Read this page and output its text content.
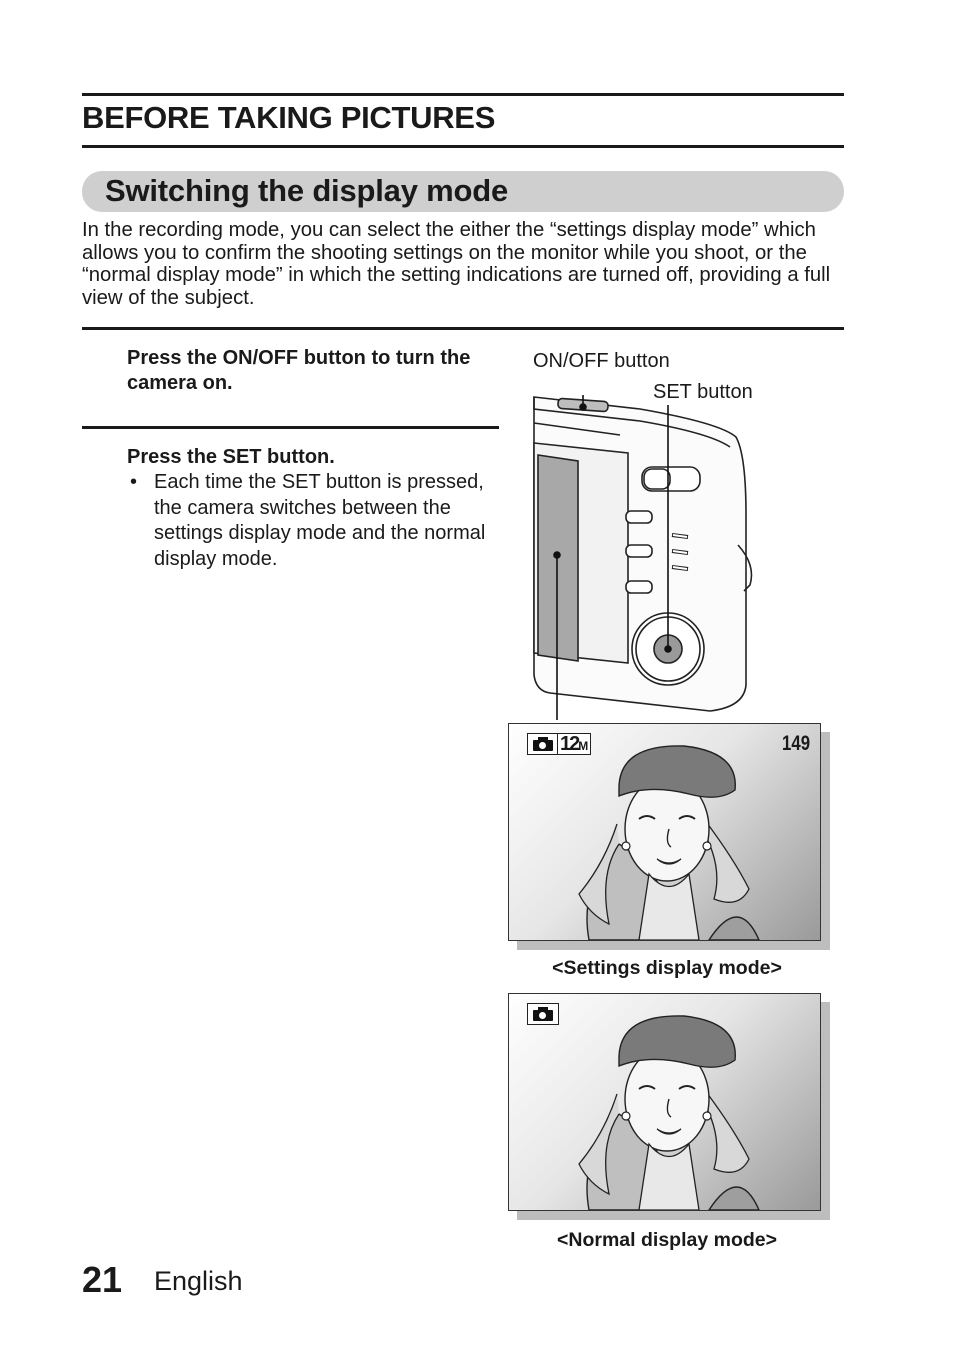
BEFORE TAKING PICTURES
Switching the display mode
In the recording mode, you can select the either the “settings display mode” which allows you to confirm the shooting settings on the monitor while you shoot, or the “normal display mode” in which the setting indications are turned off, providing a full view of the subject.
Press the ON/OFF button to turn the camera on.
Press the SET button.
• Each time the SET button is pressed, the camera switches between the settings display mode and the normal display mode.
ON/OFF button
SET button
12M	149
<Settings display mode>
<Normal display mode>
21 English
